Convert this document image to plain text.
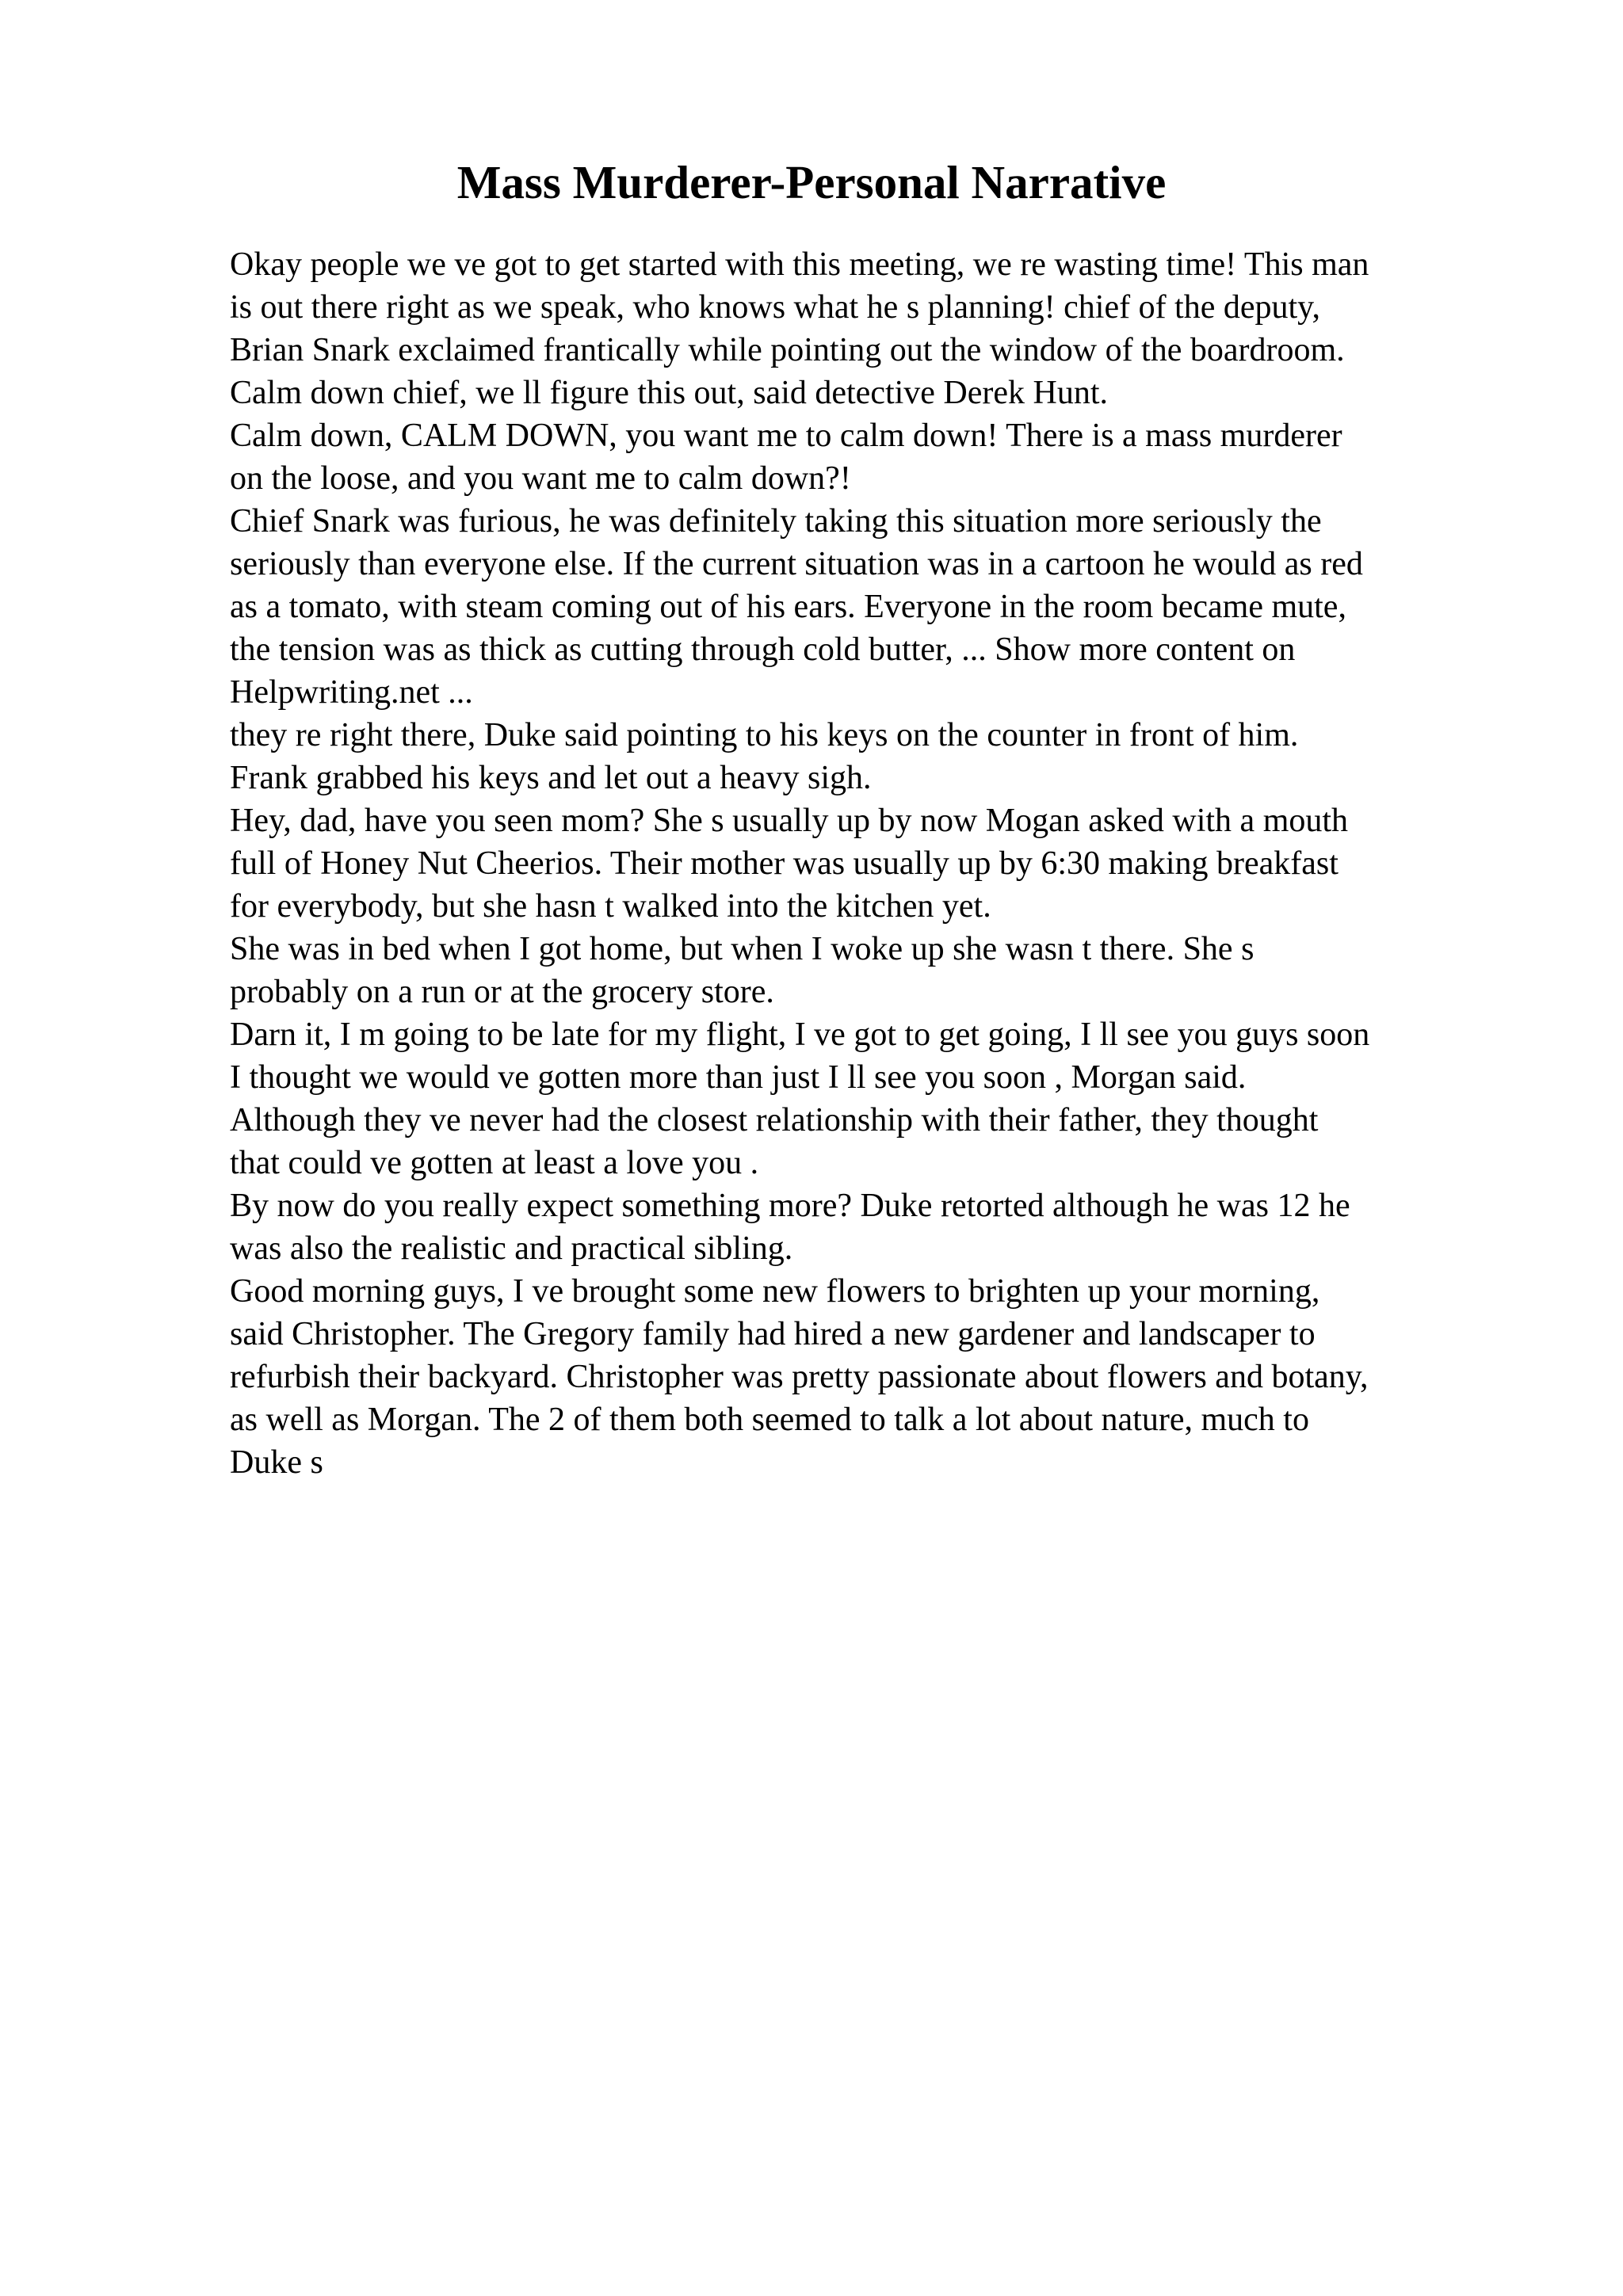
Mass Murderer-Personal Narrative
Okay people we ve got to get started with this meeting, we re wasting time! This man
is out there right as we speak, who knows what he s planning! chief of the deputy,
Brian Snark exclaimed frantically while pointing out the window of the boardroom.
Calm down chief, we ll figure this out, said detective Derek Hunt.
Calm down, CALM DOWN, you want me to calm down! There is a mass murderer
on the loose, and you want me to calm down?!
Chief Snark was furious, he was definitely taking this situation more seriously the
seriously than everyone else. If the current situation was in a cartoon he would as red
as a tomato, with steam coming out of his ears. Everyone in the room became mute,
the tension was as thick as cutting through cold butter, ... Show more content on
Helpwriting.net ...
they re right there, Duke said pointing to his keys on the counter in front of him.
Frank grabbed his keys and let out a heavy sigh.
Hey, dad, have you seen mom? She s usually up by now Mogan asked with a mouth
full of Honey Nut Cheerios. Their mother was usually up by 6:30 making breakfast
for everybody, but she hasn t walked into the kitchen yet.
She was in bed when I got home, but when I woke up she wasn t there. She s
probably on a run or at the grocery store.
Darn it, I m going to be late for my flight, I ve got to get going, I ll see you guys soon
I thought we would ve gotten more than just I ll see you soon , Morgan said.
Although they ve never had the closest relationship with their father, they thought
that could ve gotten at least a love you .
By now do you really expect something more? Duke retorted although he was 12 he
was also the realistic and practical sibling.
Good morning guys, I ve brought some new flowers to brighten up your morning,
said Christopher. The Gregory family had hired a new gardener and landscaper to
refurbish their backyard. Christopher was pretty passionate about flowers and botany,
as well as Morgan. The 2 of them both seemed to talk a lot about nature, much to
Duke s
